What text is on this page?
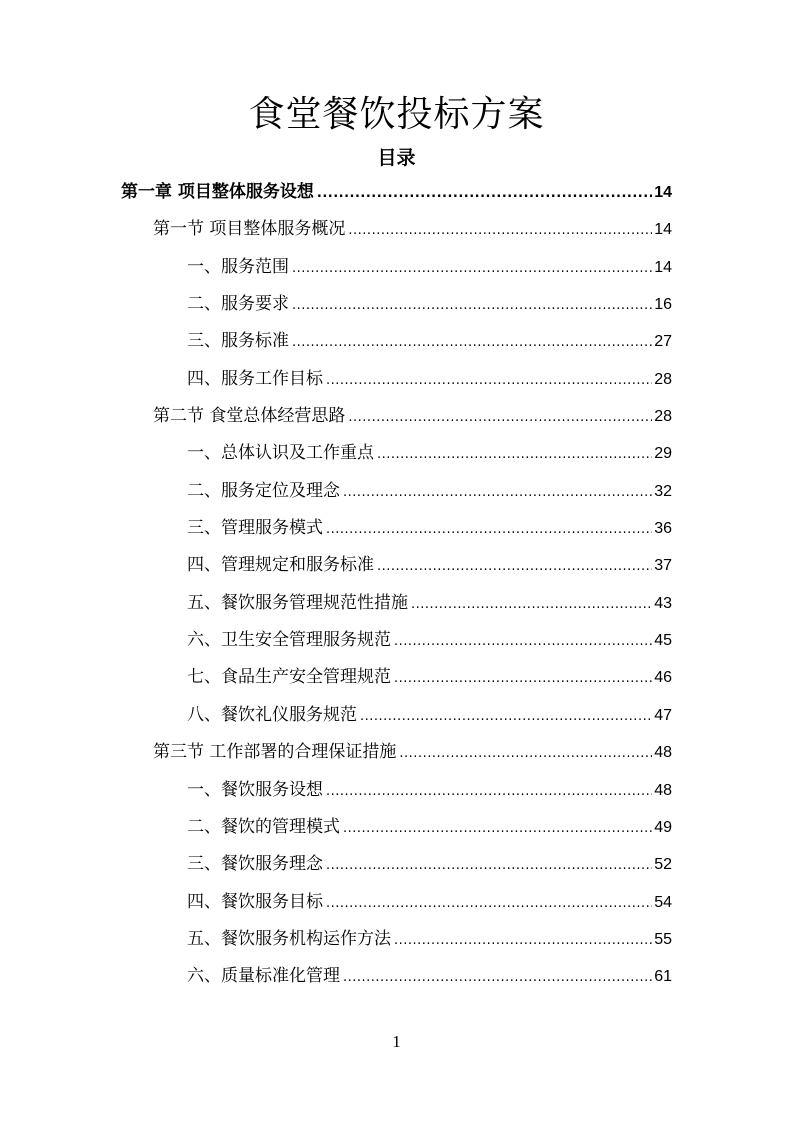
食堂餐饮投标方案
目录
第一章 项目整体服务设想 .....	14
第一节 项目整体服务概况 .....	14
一、服务范围 .....	14
二、服务要求 .....	16
三、服务标准 .....	27
四、服务工作目标 .....	28
第二节 食堂总体经营思路 .....	28
一、总体认识及工作重点 .....	29
二、服务定位及理念 .....	32
三、管理服务模式 .....	36
四、管理规定和服务标准 .....	37
五、餐饮服务管理规范性措施 .....	43
六、卫生安全管理服务规范 .....	45
七、食品生产安全管理规范 .....	46
八、餐饮礼仪服务规范 .....	47
第三节 工作部署的合理保证措施 .....	48
一、餐饮服务设想 .....	48
二、餐饮的管理模式 .....	49
三、餐饮服务理念 .....	52
四、餐饮服务目标 .....	54
五、餐饮服务机构运作方法 .....	55
六、质量标准化管理 .....	61
1
